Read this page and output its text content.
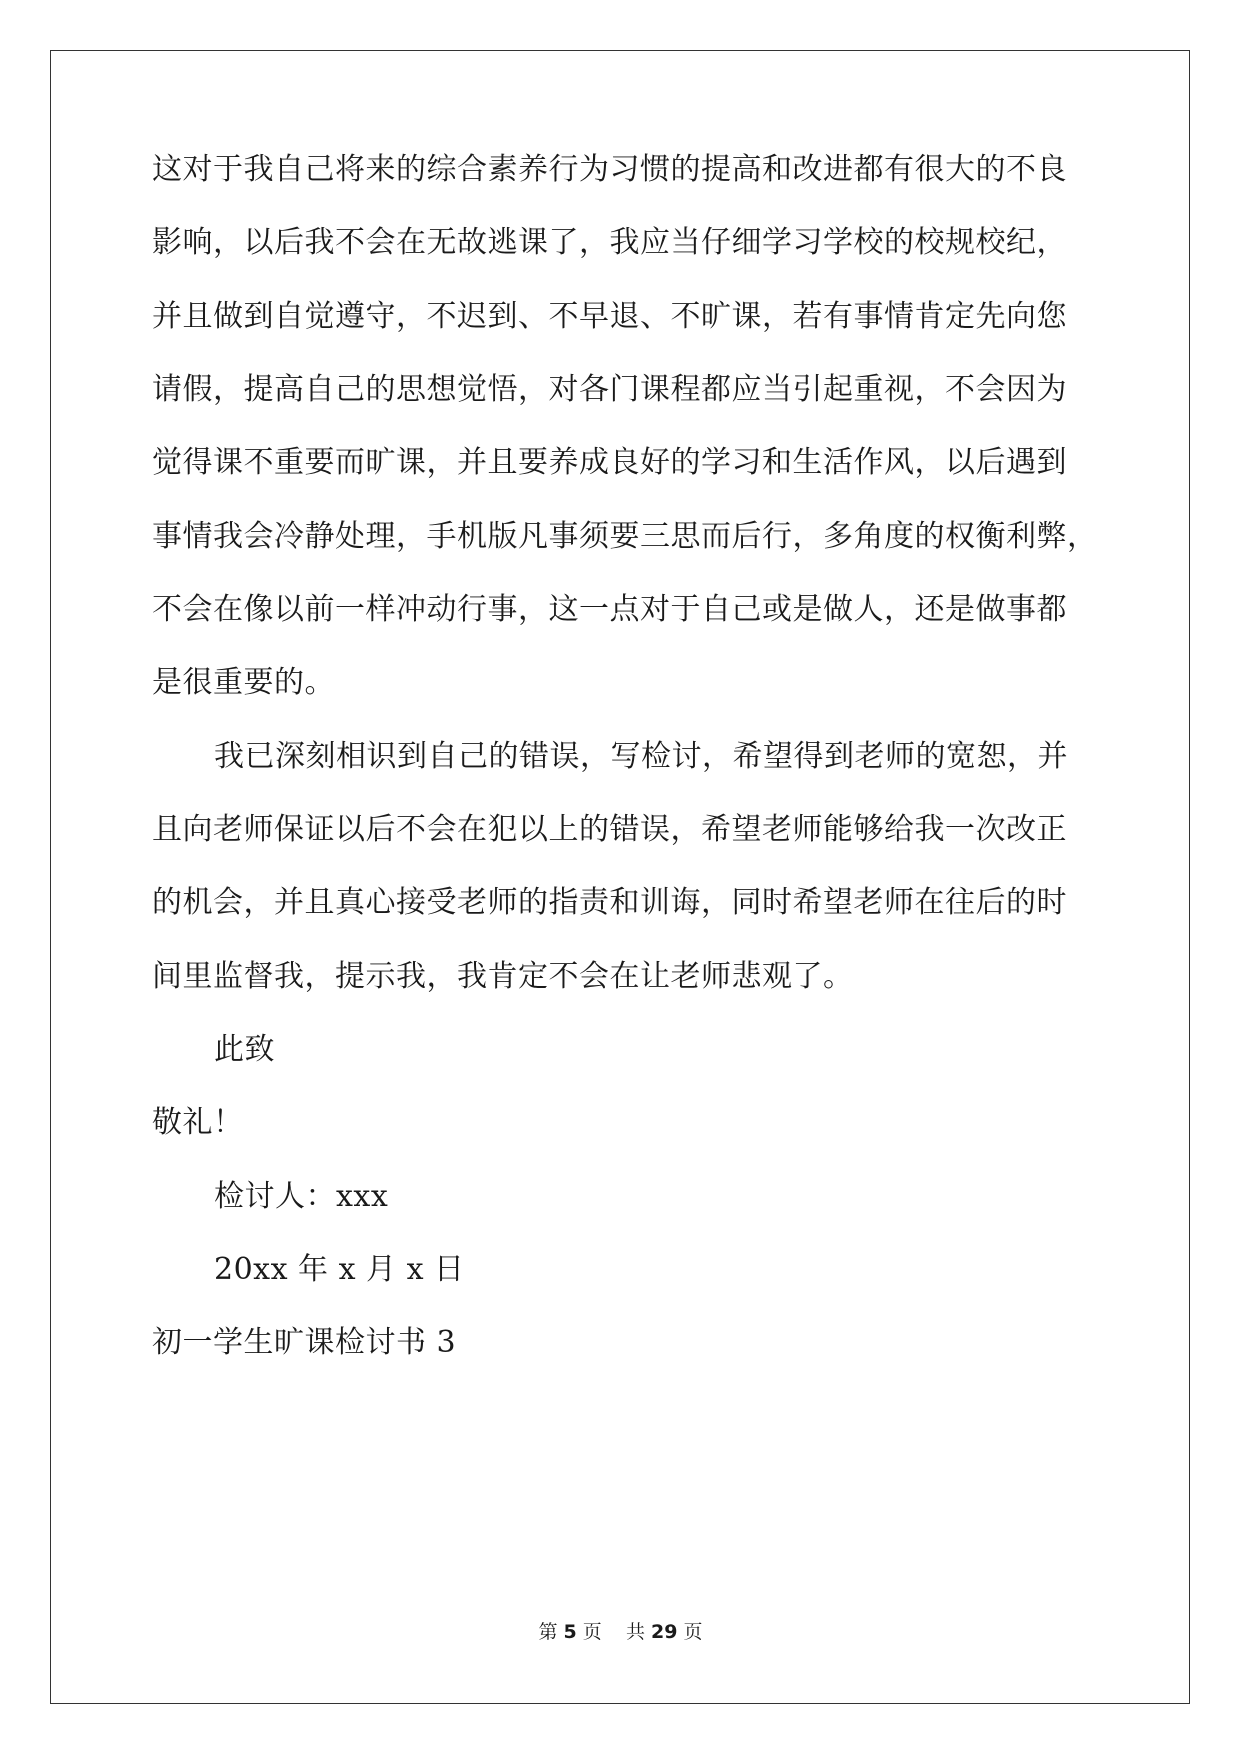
这对于我自己将来的综合素养行为习惯的提高和改进都有很大的不良
影响，以后我不会在无故逃课了，我应当仔细学习学校的校规校纪，
并且做到自觉遵守，不迟到、不早退、不旷课，若有事情肯定先向您
请假，提高自己的思想觉悟，对各门课程都应当引起重视，不会因为
觉得课不重要而旷课，并且要养成良好的学习和生活作风，以后遇到
事情我会冷静处理，手机版凡事须要三思而后行，多角度的权衡利弊，
不会在像以前一样冲动行事，这一点对于自己或是做人，还是做事都
是很重要的。
我已深刻相识到自己的错误，写检讨，希望得到老师的宽恕，并
且向老师保证以后不会在犯以上的错误，希望老师能够给我一次改正
的机会，并且真心接受老师的指责和训诲，同时希望老师在往后的时
间里监督我，提示我，我肯定不会在让老师悲观了。
此致
敬礼！
检讨人：xxx
20xx 年 x 月 x 日
初一学生旷课检讨书 3
第 5 页    共 29 页
